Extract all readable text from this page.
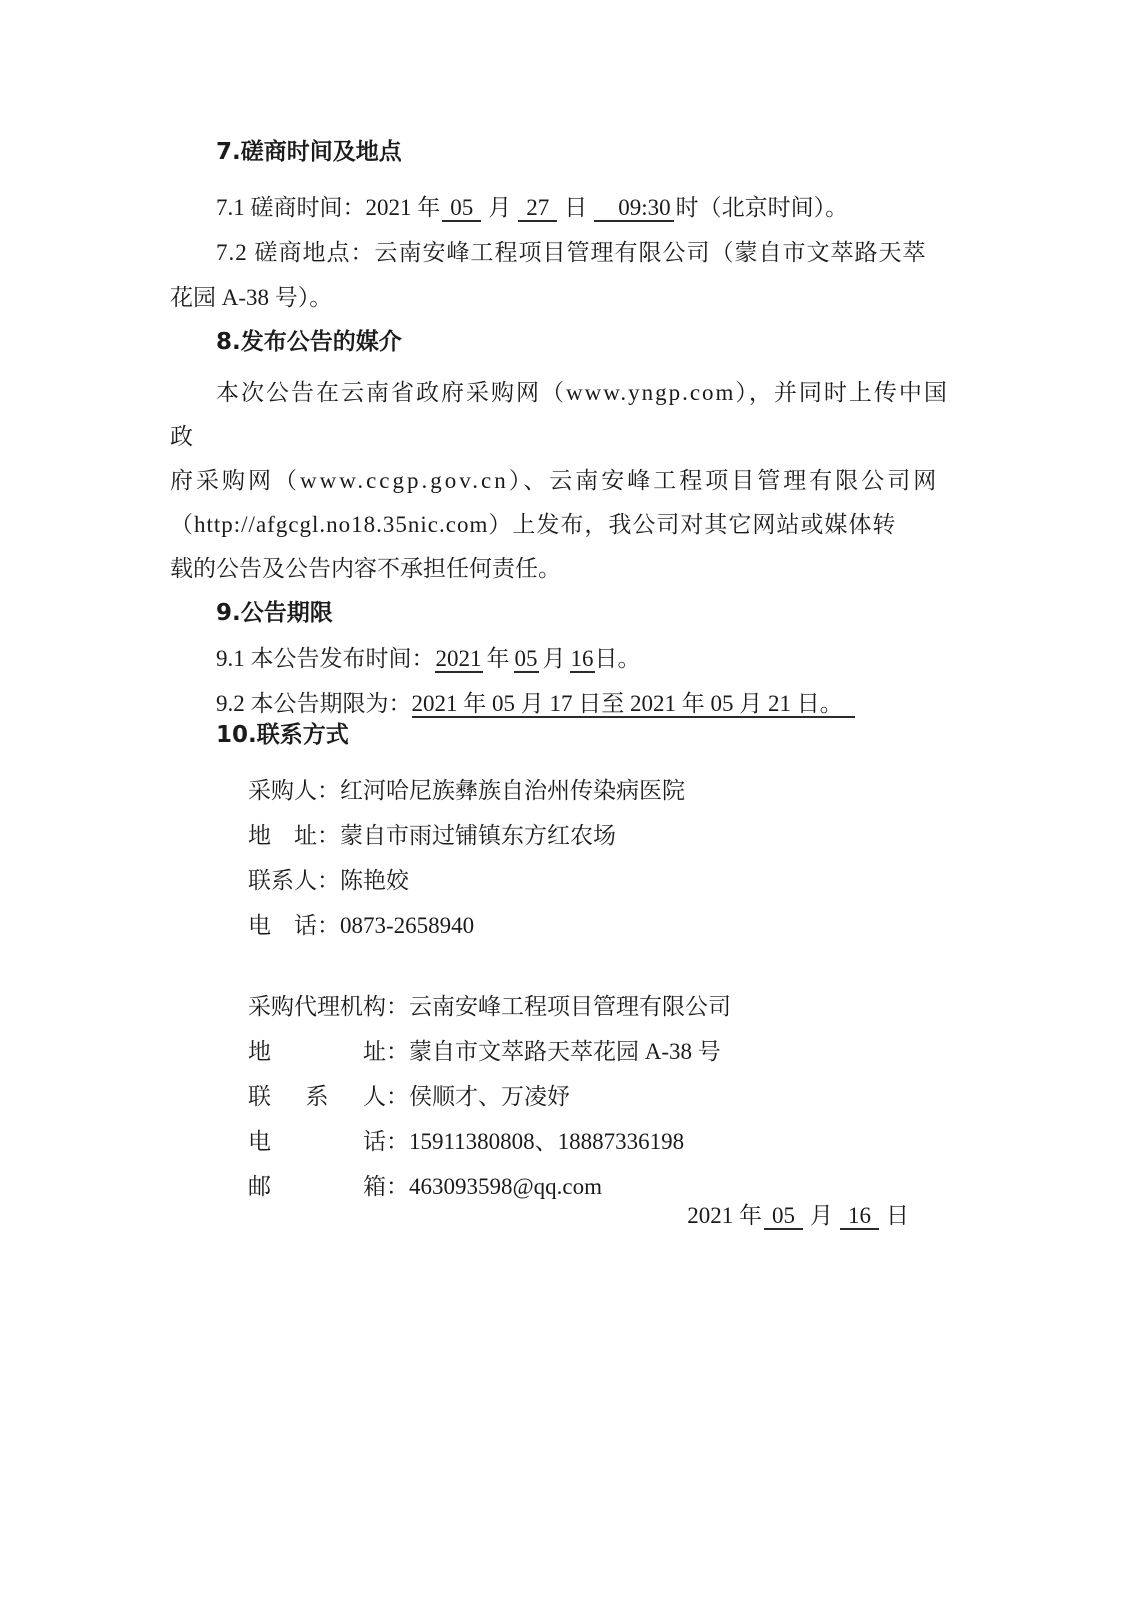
7.磋商时间及地点

7.1 磋商时间：2021 年 05 月 27 日 09:30 时（北京时间）。

7.2 磋商地点：云南安峰工程项目管理有限公司（蒙自市文萃路天萃

花园 A-38 号）。

8.发布公告的媒介

本次公告在云南省政府采购网（www.yngp.com），并同时上传中国政

府采购网（www.ccgp.gov.cn）、云南安峰工程项目管理有限公司网

（http://afgcgl.no18.35nic.com）上发布，我公司对其它网站或媒体转

载的公告及公告内容不承担任何责任。

9.公告期限

9.1 本公告发布时间：2021 年 05 月 16日。

9.2 本公告期限为：2021 年 05 月 17 日至 2021 年 05 月 21 日。

10.联系方式

采购人：红河哈尼族彝族自治州传染病医院
地址：蒙自市雨过铺镇东方红农场
联系人：陈艳姣
电话：0873-2658940
采购代理机构：云南安峰工程项目管理有限公司
地址：蒙自市文萃路天萃花园 A-38 号
联系人：侯顺才、万凌妤
电话：15911380808、18887336198
邮箱：463093598@qq.com

2021 年 05 月 16 日
